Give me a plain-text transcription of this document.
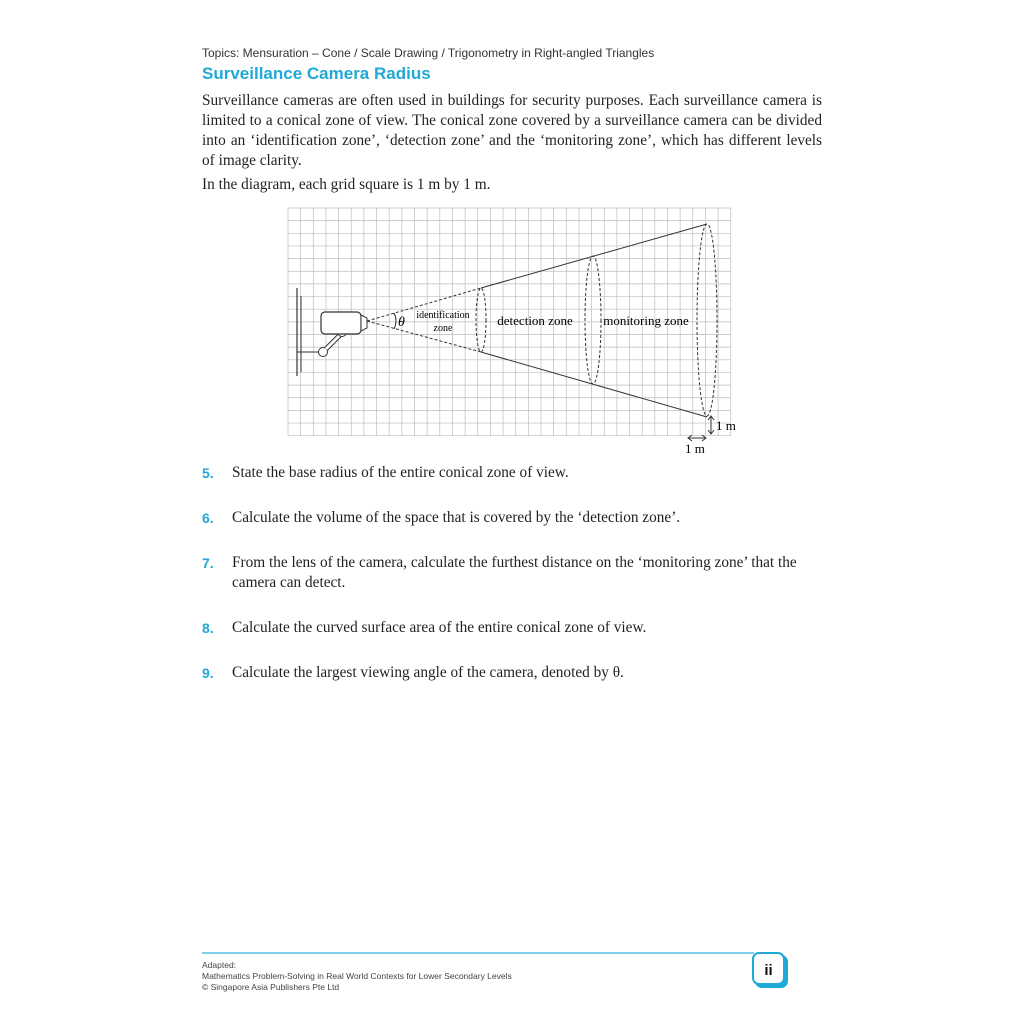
Topics: Mensuration – Cone / Scale Drawing / Trigonometry in Right-angled Triangles
Surveillance Camera Radius

Surveillance cameras are often used in buildings for security purposes. Each surveillance camera is limited to a conical zone of view. The conical zone covered by a surveillance camera can be divided into an ‘identification zone’, ‘detection zone’ and the ‘monitoring zone’, which has different levels of image clarity.

In the diagram, each grid square is 1 m by 1 m.

θ identification
zone
detection zone monitoring zone
1 m
1 m
5. State the base radius of the entire conical zone of view.
6. Calculate the volume of the space that is covered by the ‘detection zone’.
7. From the lens of the camera, calculate the furthest distance on the ‘monitoring zone’ that the camera can detect.
8. Calculate the curved surface area of the entire conical zone of view.
9. Calculate the largest viewing angle of the camera, denoted by θ.
Adapted:
Mathematics Problem-Solving in Real World Contexts for Lower Secondary Levels
© Singapore Asia Publishers Pte Ltd
ii
